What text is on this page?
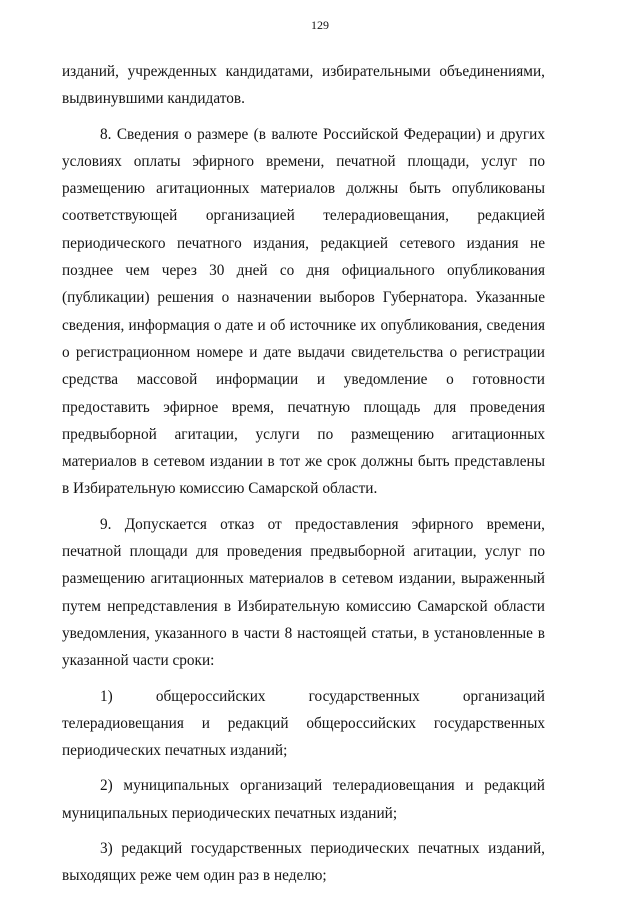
129

изданий, учрежденных кандидатами, избирательными объединениями, выдвинувшими кандидатов.

8. Сведения о размере (в валюте Российской Федерации) и других условиях оплаты эфирного времени, печатной площади, услуг по размещению агитационных материалов должны быть опубликованы соответствующей организацией телерадиовещания, редакцией периодического печатного издания, редакцией сетевого издания не позднее чем через 30 дней со дня официального опубликования (публикации) решения о назначении выборов Губернатора. Указанные сведения, информация о дате и об источнике их опубликования, сведения о регистрационном номере и дате выдачи свидетельства о регистрации средства массовой информации и уведомление о готовности предоставить эфирное время, печатную площадь для проведения предвыборной агитации, услуги по размещению агитационных материалов в сетевом издании в тот же срок должны быть представлены в Избирательную комиссию Самарской области.

9. Допускается отказ от предоставления эфирного времени, печатной площади для проведения предвыборной агитации, услуг по размещению агитационных материалов в сетевом издании, выраженный путем непредставления в Избирательную комиссию Самарской области уведомления, указанного в части 8 настоящей статьи, в установленные в указанной части сроки:

1) общероссийских государственных организаций телерадиовещания и редакций общероссийских государственных периодических печатных изданий;

2) муниципальных организаций телерадиовещания и редакций муниципальных периодических печатных изданий;

3) редакций государственных периодических печатных изданий, выходящих реже чем один раз в неделю;
